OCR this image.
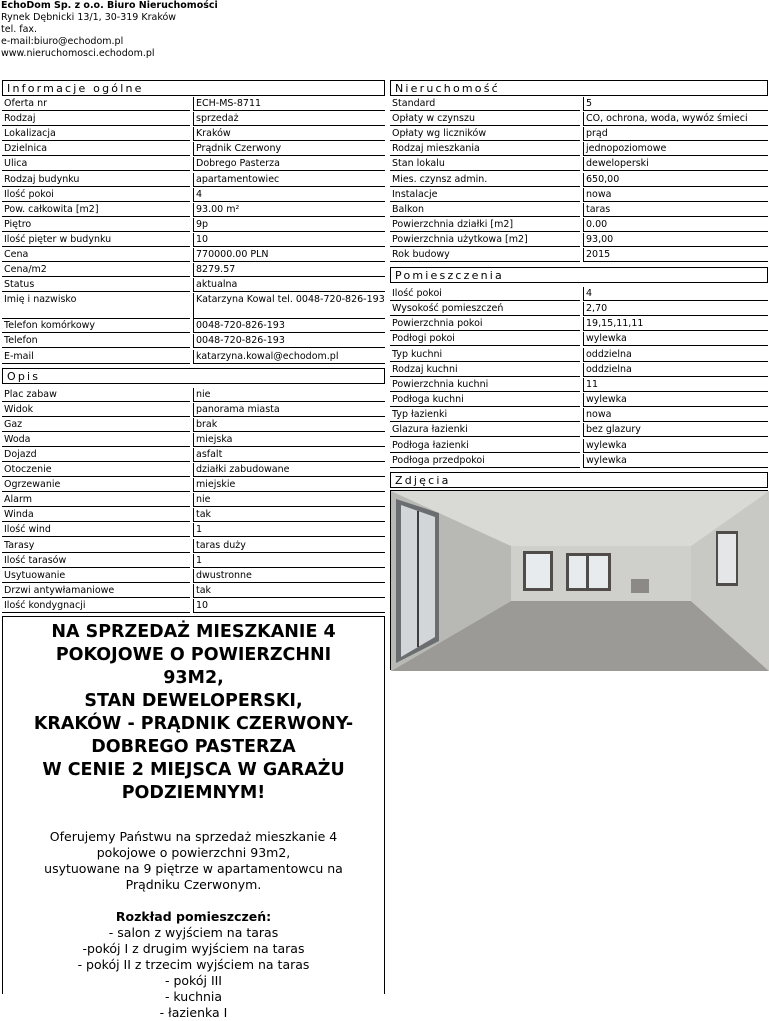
EchoDom Sp. z o.o. Biuro Nieruchomości
Rynek Dębnicki 13/1, 30-319 Kraków
tel. fax.
e-mail:biuro@echodom.pl
www.nieruchomosci.echodom.pl
Informacje ogólne	Nieruchomość
Opis
Pomieszczenia
Zdjęcia
Oferta nr	ECH-MS-8711
Rodzaj	sprzedaż
Lokalizacja	Kraków
Dzielnica	Prądnik Czerwony
Ulica	Dobrego Pasterza
Rodzaj budynku	apartamentowiec
Ilość pokoi	4
Pow. całkowita [m2]	93.00 m²
Piętro	9p
Ilość pięter w budynku	10
Cena	770000.00 PLN
Cena/m2	8279.57
Status	aktualna
Imię i nazwisko	Katarzyna Kowal tel. 0048-720-826-193
Telefon komórkowy	0048-720-826-193
Telefon	0048-720-826-193
E-mail	katarzyna.kowal@echodom.pl
Plac zabaw	nie
Widok	panorama miasta
Gaz	brak
Woda	miejska
Dojazd	asfalt
Otoczenie	działki zabudowane
Ogrzewanie	miejskie
Alarm	nie
Winda	tak
Ilość wind	1
Tarasy	taras duży
Ilość tarasów	1
Usytuowanie	dwustronne
Drzwi antywłamaniowe	tak
Ilość kondygnacji	10
Standard	5
Opłaty w czynszu	CO, ochrona, woda, wywóz śmieci
Opłaty wg liczników	prąd
Rodzaj mieszkania	jednopoziomowe
Stan lokalu	deweloperski
Mies. czynsz admin.	650,00
Instalacje	nowa
Balkon	taras
Powierzchnia działki [m2]	0.00
Powierzchnia użytkowa [m2]	93,00
Rok budowy	2015
Ilość pokoi	4
Wysokość pomieszczeń	2,70
Powierzchnia pokoi	19,15,11,11
Podłogi pokoi	wylewka
Typ kuchni	oddzielna
Rodzaj kuchni	oddzielna
Powierzchnia kuchni	11
Podłoga kuchni	wylewka
Typ łazienki	nowa
Glazura łazienki	bez glazury
Podłoga łazienki	wylewka
Podłoga przedpokoi	wylewka
NA SPRZEDAŻ MIESZKANIE 4
POKOJOWE O POWIERZCHNI
93M2,
STAN DEWELOPERSKI,
KRAKÓW - PRĄDNIK CZERWONY-
DOBREGO PASTERZA
W CENIE 2 MIEJSCA W GARAŻU
PODZIEMNYM!
Oferujemy Państwu na sprzedaż mieszkanie 4
pokojowe o powierzchni 93m2,
usytuowane na 9 piętrze w apartamentowcu na
Prądniku Czerwonym.
Rozkład pomieszczeń:
- salon z wyjściem na taras
-pokój I z drugim wyjściem na taras
- pokój II z trzecim wyjściem na taras
- pokój III
- kuchnia
- łazienka I
